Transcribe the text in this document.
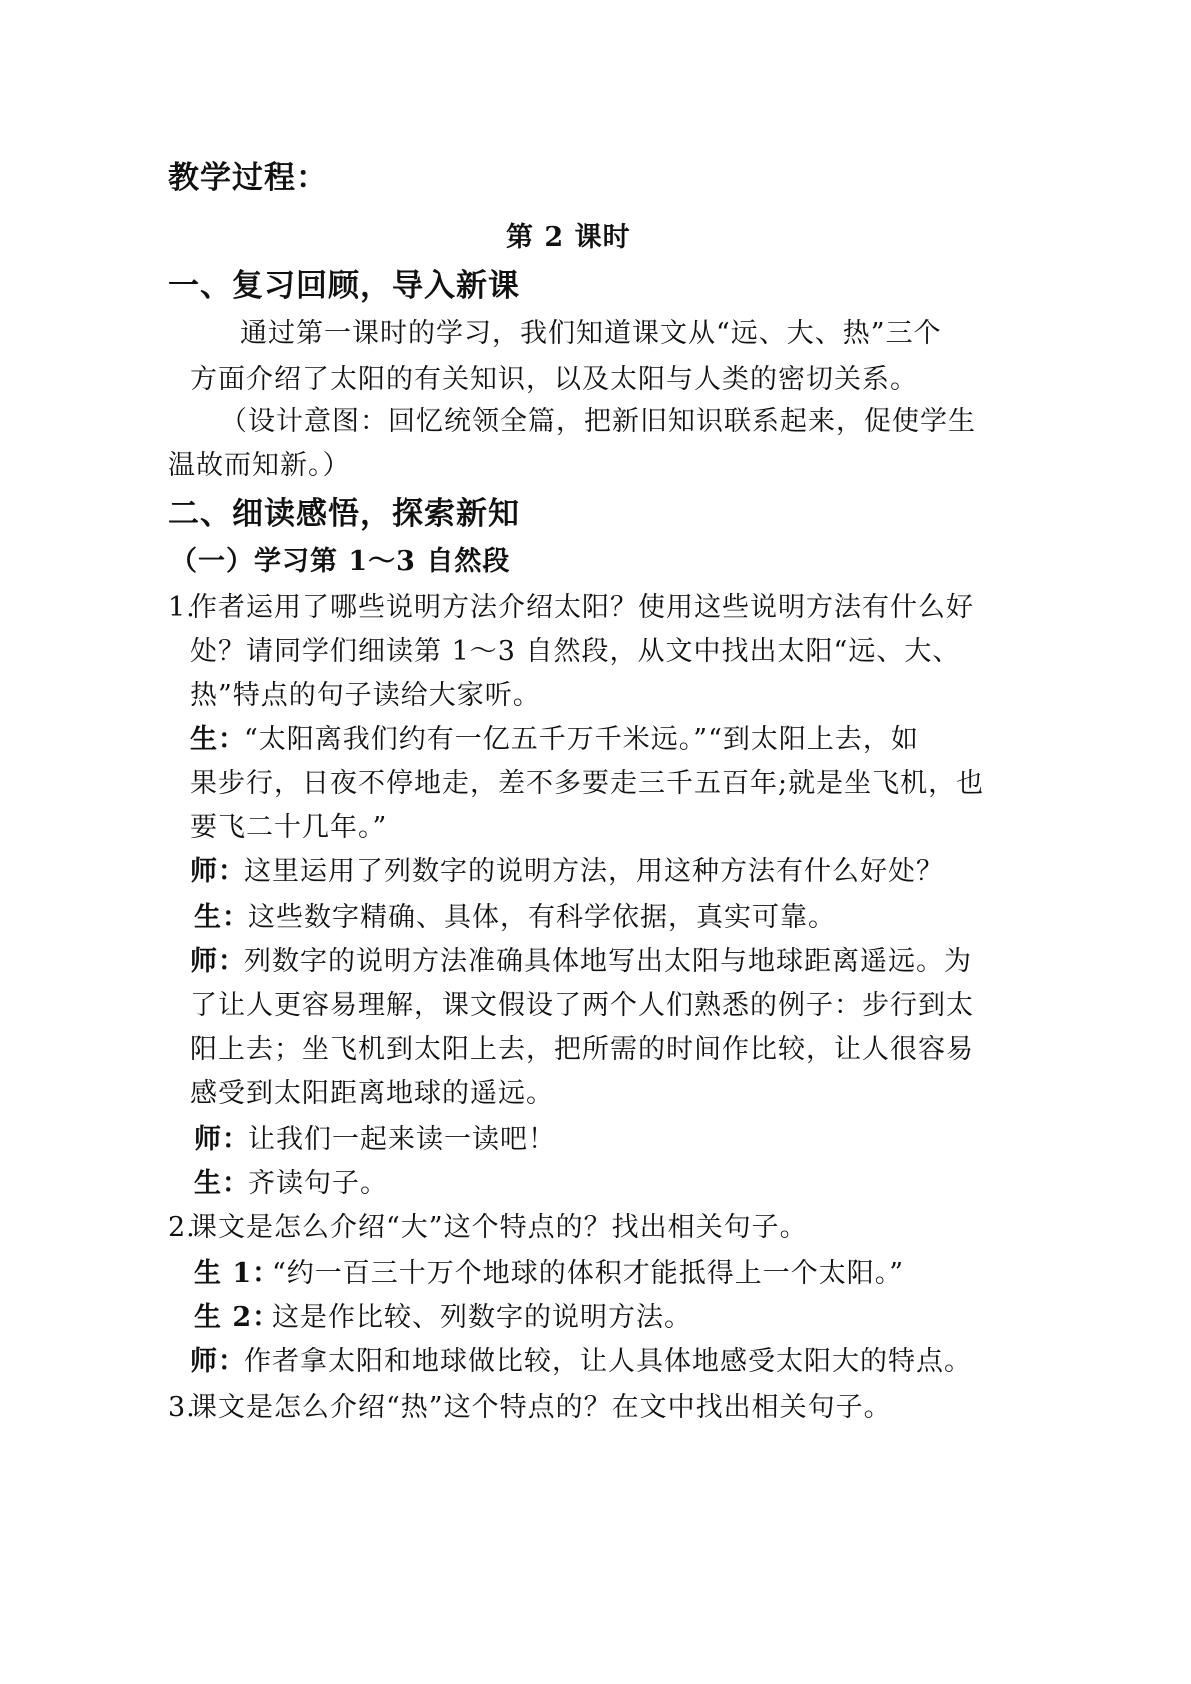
教学过程：
第 2 课时
一、复习回顾，导入新课
通过第一课时的学习，我们知道课文从“远、大、热”三个
方面介绍了太阳的有关知识，以及太阳与人类的密切关系。
（设计意图：回忆统领全篇，把新旧知识联系起来，促使学生
温故而知新。）
二、细读感悟，探索新知
（一）学习第 1～3 自然段
1.
作者运用了哪些说明方法介绍太阳？使用这些说明方法有什么好
处？请同学们细读第 1～3 自然段，从文中找出太阳“远、大、
热”特点的句子读给大家听。
生：
“太阳离我们约有一亿五千万千米远。”“到太阳上去，如
果步行，日夜不停地走，差不多要走三千五百年;就是坐飞机，也
要飞二十几年。”
师：
这里运用了列数字的说明方法，用这种方法有什么好处？
生：
这些数字精确、具体，有科学依据，真实可靠。
师：
列数字的说明方法准确具体地写出太阳与地球距离遥远。为
了让人更容易理解，课文假设了两个人们熟悉的例子：步行到太
阳上去；坐飞机到太阳上去，把所需的时间作比较，让人很容易
感受到太阳距离地球的遥远。
师：
让我们一起来读一读吧！
生：
齐读句子。
2.
课文是怎么介绍“大”这个特点的？找出相关句子。
生 1：
“约一百三十万个地球的体积才能抵得上一个太阳。”
生 2：
这是作比较、列数字的说明方法。
师：
作者拿太阳和地球做比较，让人具体地感受太阳大的特点。
3.
课文是怎么介绍“热”这个特点的？在文中找出相关句子。
